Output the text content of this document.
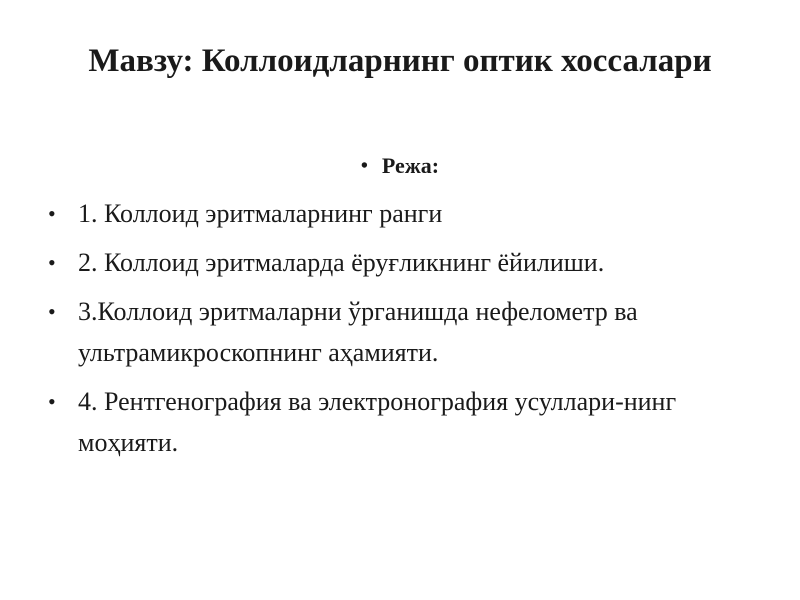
Мавзу: Коллоидларнинг оптик хоссалари
• Режа:
• 1. Коллоид эритмаларнинг ранги
• 2. Коллоид эритмаларда ёруғликнинг ёйилиши.
• 3.Коллоид эритмаларни ўрганишда нефелометр ва ультрамикроскопнинг аҳамияти.
• 4. Рентгенография ва электронография усуллари-нинг моҳияти.
